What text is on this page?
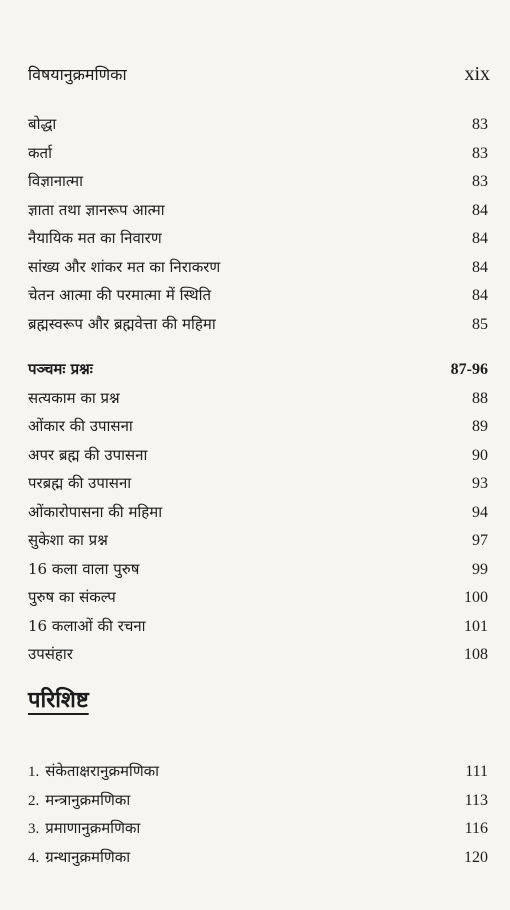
विषयानुक्रमणिका	xix
बोद्धा	83
कर्ता	83
विज्ञानात्मा	83
ज्ञाता तथा ज्ञानरूप आत्मा	84
नैयायिक मत का निवारण	84
सांख्य और शांकर मत का निराकरण	84
चेतन आत्मा की परमात्मा में स्थिति	84
ब्रह्मस्वरूप और ब्रह्मवेत्ता की महिमा	85
पञ्चमः प्रश्नः	87-96
सत्यकाम का प्रश्न	88
ओंकार की उपासना	89
अपर ब्रह्म की उपासना	90
परब्रह्म की उपासना	93
ओंकारोपासना की महिमा	94
सुकेशा का प्रश्न	97
16 कला वाला पुरुष	99
पुरुष का संकल्प	100
16 कलाओं की रचना	101
उपसंहार	108
परिशिष्ट
1. संकेताक्षरानुक्रमणिका	111
2. मन्त्रानुक्रमणिका	113
3. प्रमाणानुक्रमणिका	116
4. ग्रन्थानुक्रमणिका	120
